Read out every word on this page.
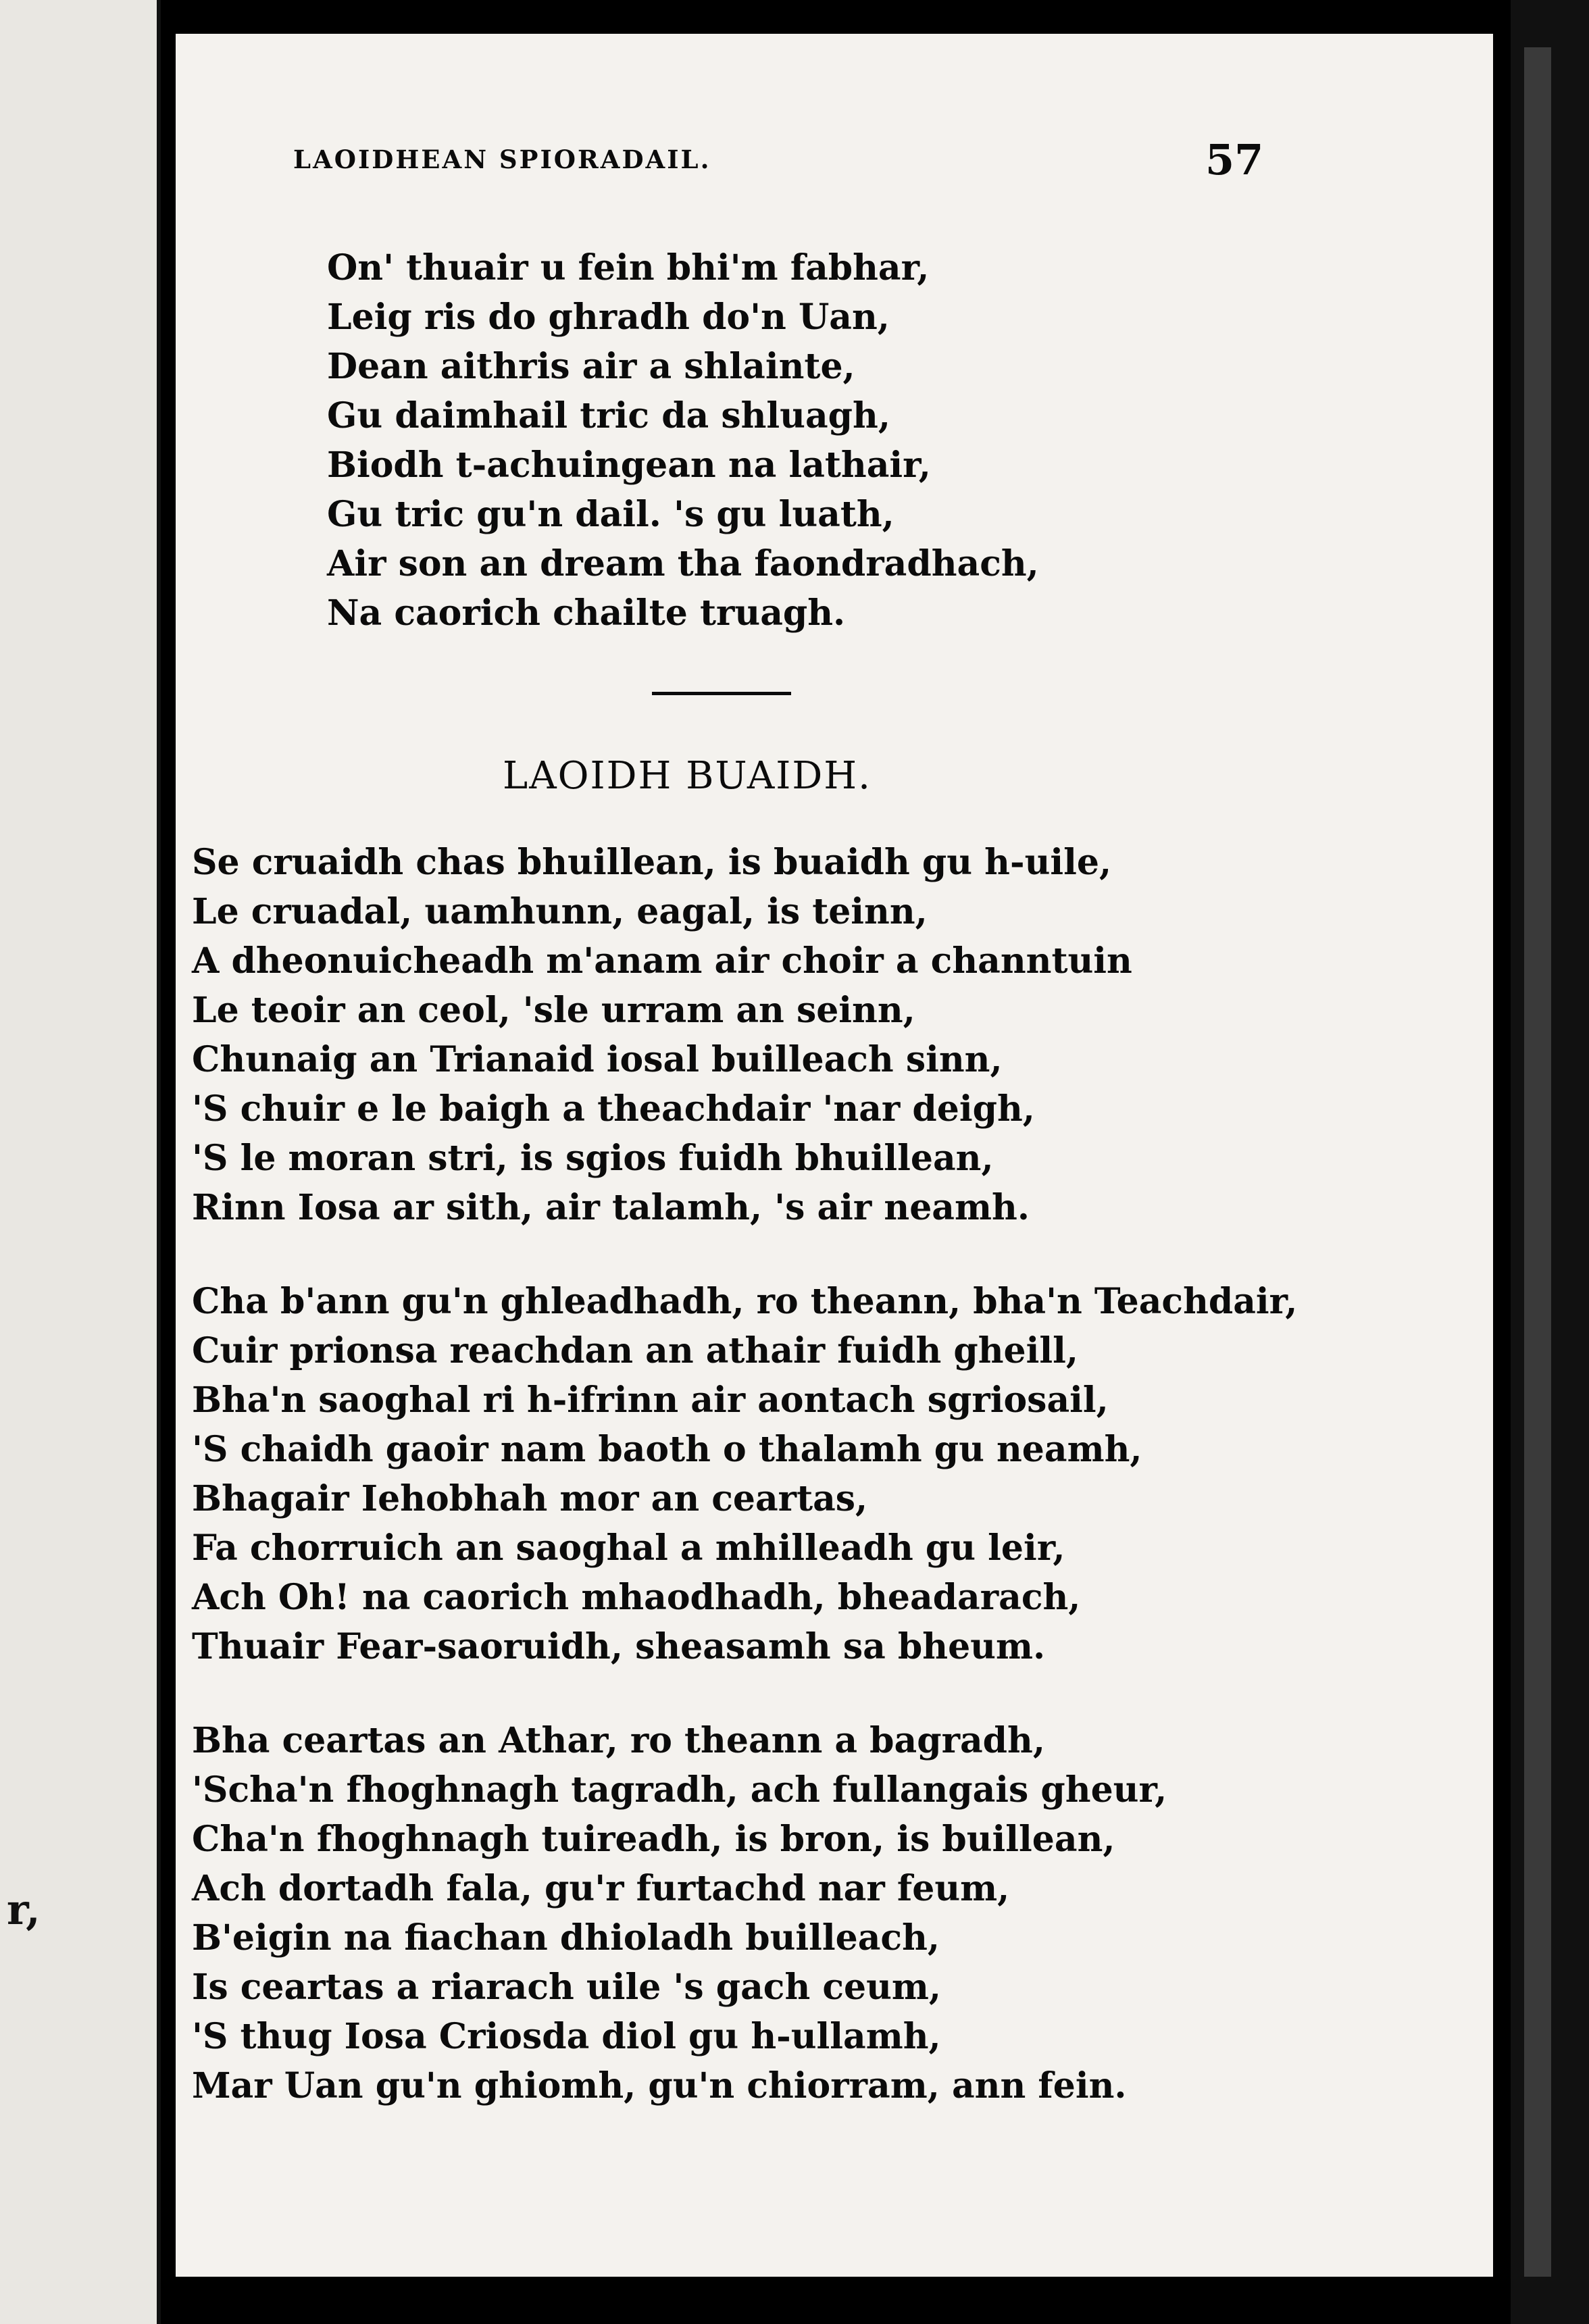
r,
LAOIDHEAN SPIORADAIL.	57
On' thuair u fein bhi'm fabhar,
Leig ris do ghradh do'n Uan,
Dean aithris air a shlainte,
Gu daimhail tric da shluagh,
Biodh t-achuingean na lathair,
Gu tric gu'n dail. 's gu luath,
Air son an dream tha faondradhach,
Na caorich chailte truagh.
LAOIDH BUAIDH.
Se cruaidh chas bhuillean, is buaidh gu h-uile,
Le cruadal, uamhunn, eagal, is teinn,
A dheonuicheadh m'anam air choir a channtuin
Le teoir an ceol, 'sle urram an seinn,
Chunaig an Trianaid iosal builleach sinn,
'S chuir e le baigh a theachdair 'nar deigh,
'S le moran stri, is sgios fuidh bhuillean,
Rinn Iosa ar sith, air talamh, 's air neamh.
Cha b'ann gu'n ghleadhadh, ro theann, bha'n Teachdair,
Cuir prionsa reachdan an athair fuidh gheill,
Bha'n saoghal ri h-ifrinn air aontach sgriosail,
'S chaidh gaoir nam baoth o thalamh gu neamh,
Bhagair Iehobhah mor an ceartas,
Fa chorruich an saoghal a mhilleadh gu leir,
Ach Oh! na caorich mhaodhadh, bheadarach,
Thuair Fear-saoruidh, sheasamh sa bheum.
Bha ceartas an Athar, ro theann a bagradh,
'Scha'n fhoghnagh tagradh, ach fullangais gheur,
Cha'n fhoghnagh tuireadh, is bron, is buillean,
Ach dortadh fala, gu'r furtachd nar feum,
B'eigin na fiachan dhioladh builleach,
Is ceartas a riarach uile 's gach ceum,
'S thug Iosa Criosda diol gu h-ullamh,
Mar Uan gu'n ghiomh, gu'n chiorram, ann fein.
